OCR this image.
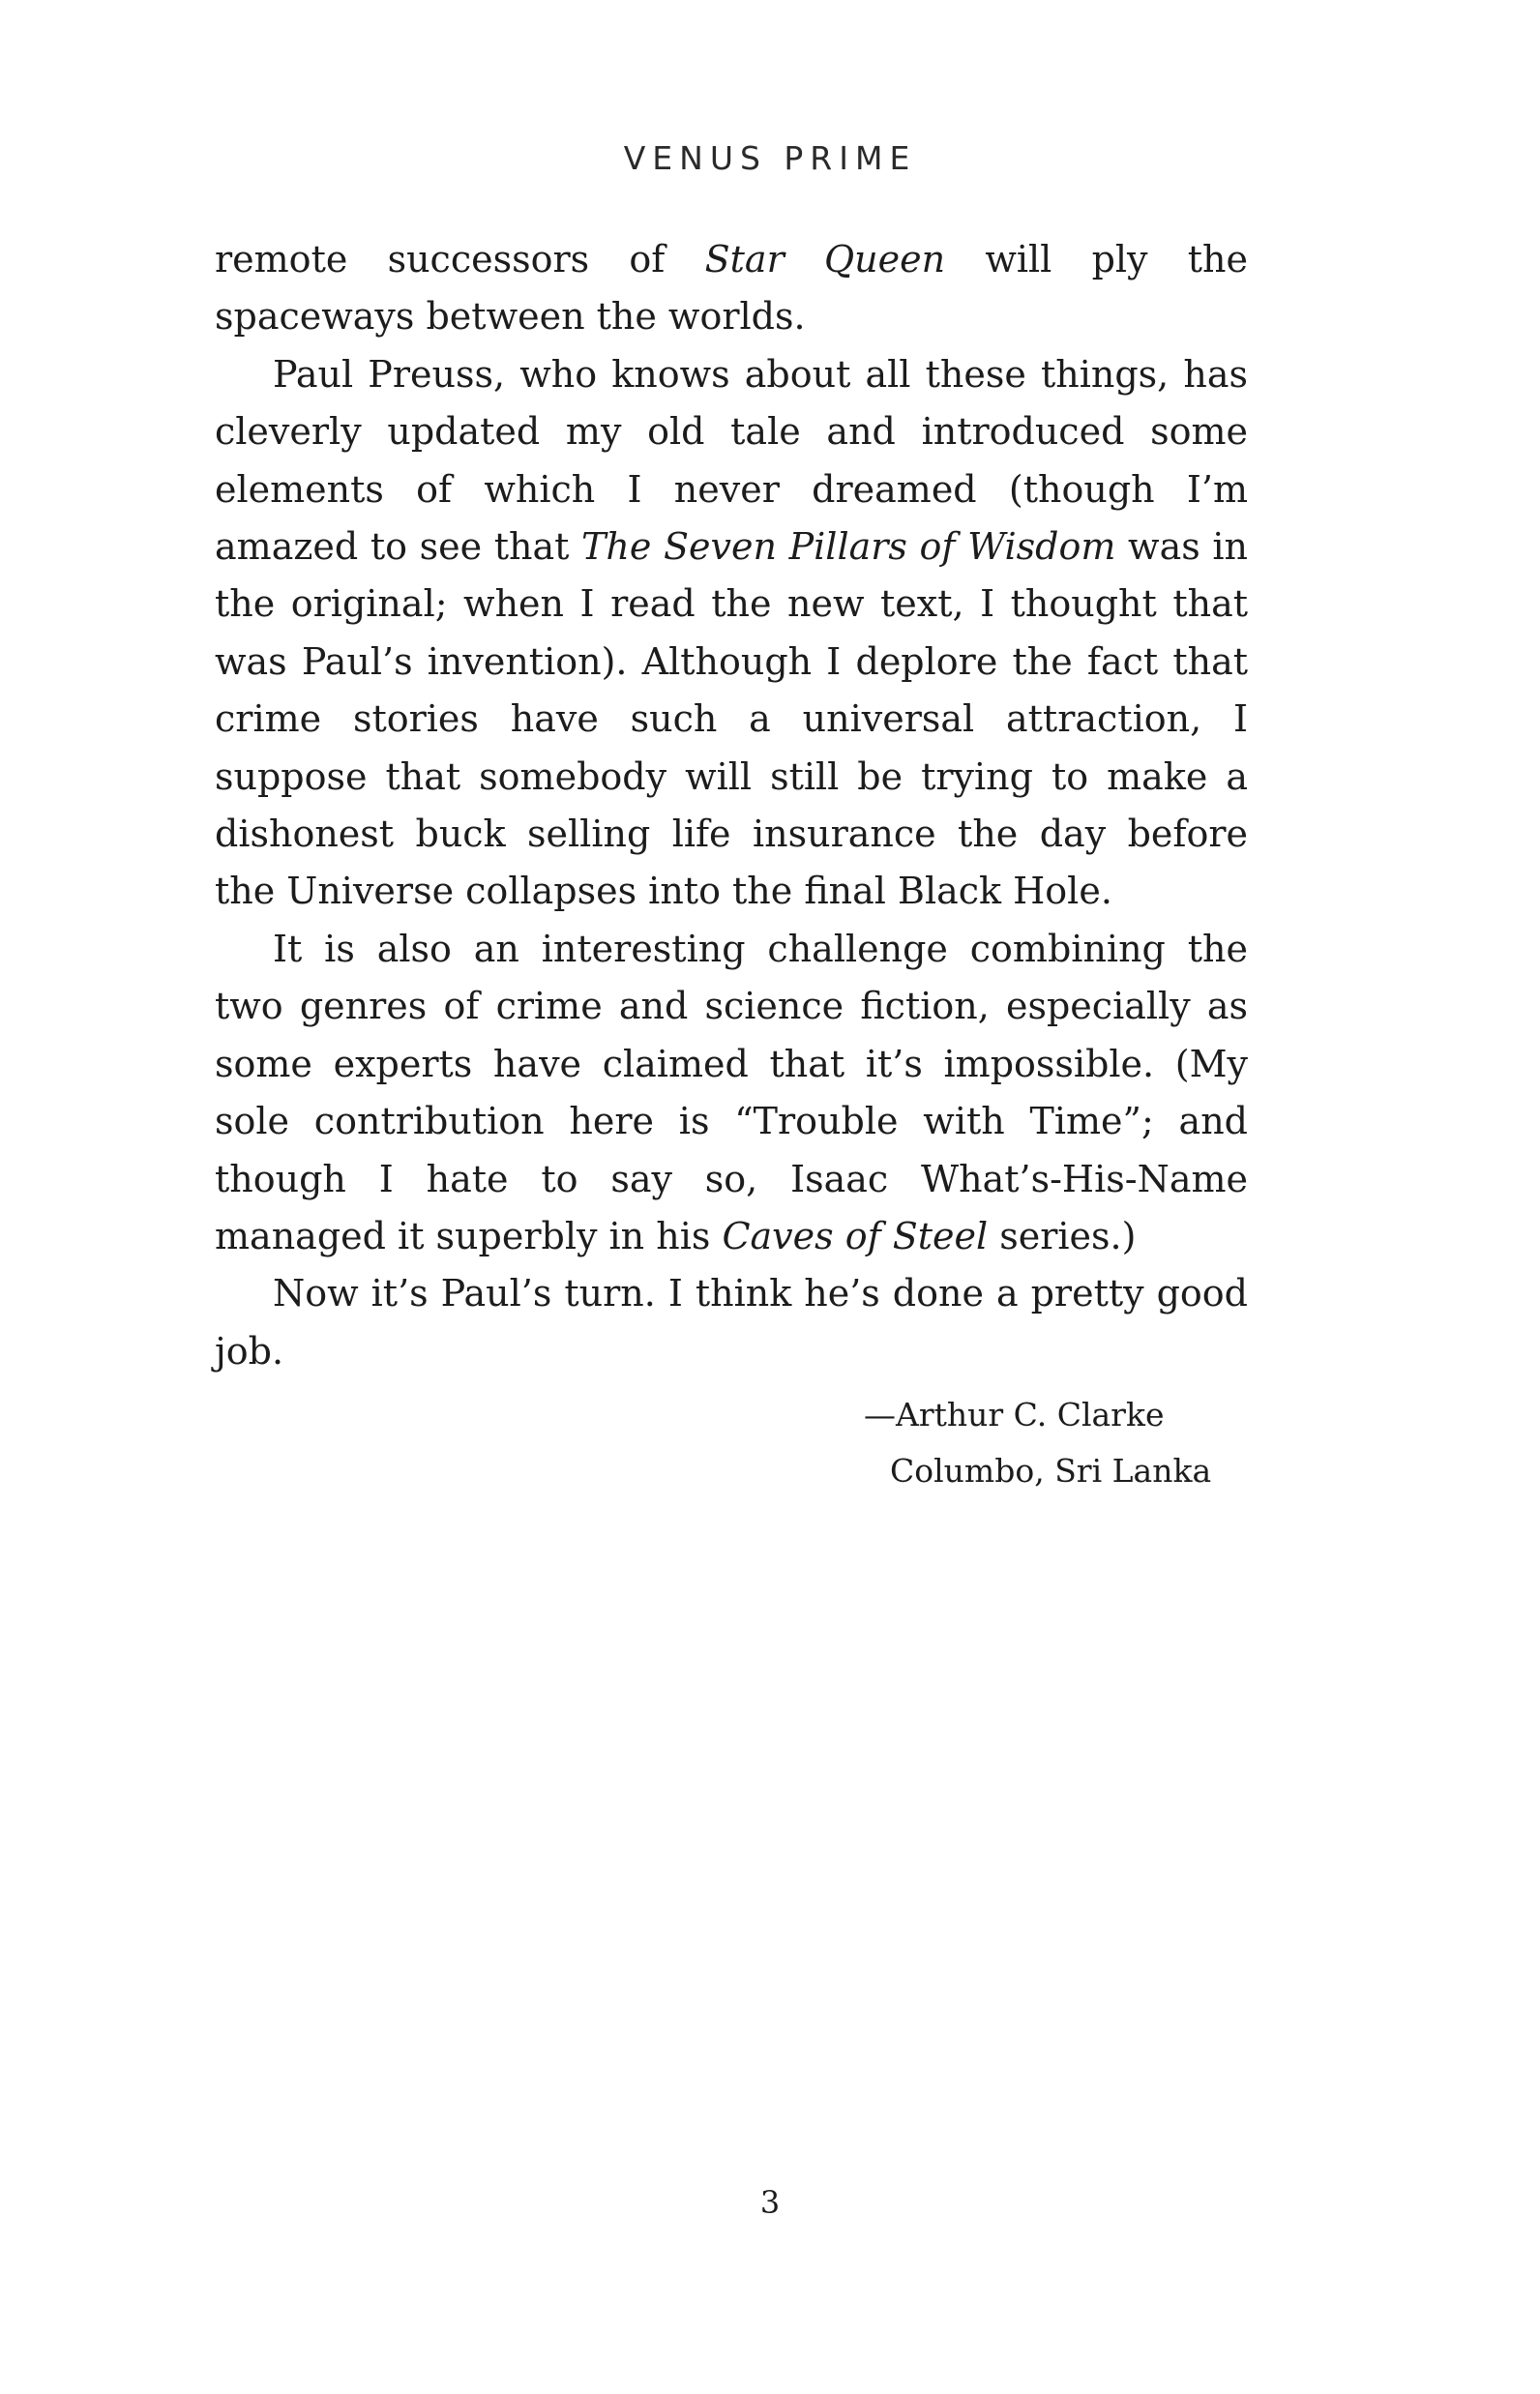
VENUS PRIME

remote successors of Star Queen will ply the spaceways between the worlds.

Paul Preuss, who knows about all these things, has cleverly updated my old tale and introduced some elements of which I never dreamed (though I’m amazed to see that The Seven Pillars of Wisdom was in the original; when I read the new text, I thought that was Paul’s invention). Although I deplore the fact that crime stories have such a universal attraction, I suppose that somebody will still be trying to make a dishonest buck selling life insurance the day before the Universe collapses into the final Black Hole.

It is also an interesting challenge combining the two genres of crime and science fiction, especially as some experts have claimed that it’s impossible. (My sole contribution here is “Trouble with Time”; and though I hate to say so, Isaac What’s-His-Name managed it superbly in his Caves of Steel series.)

Now it’s Paul’s turn. I think he’s done a pretty good job.

—Arthur C. Clarke
Columbo, Sri Lanka
3
